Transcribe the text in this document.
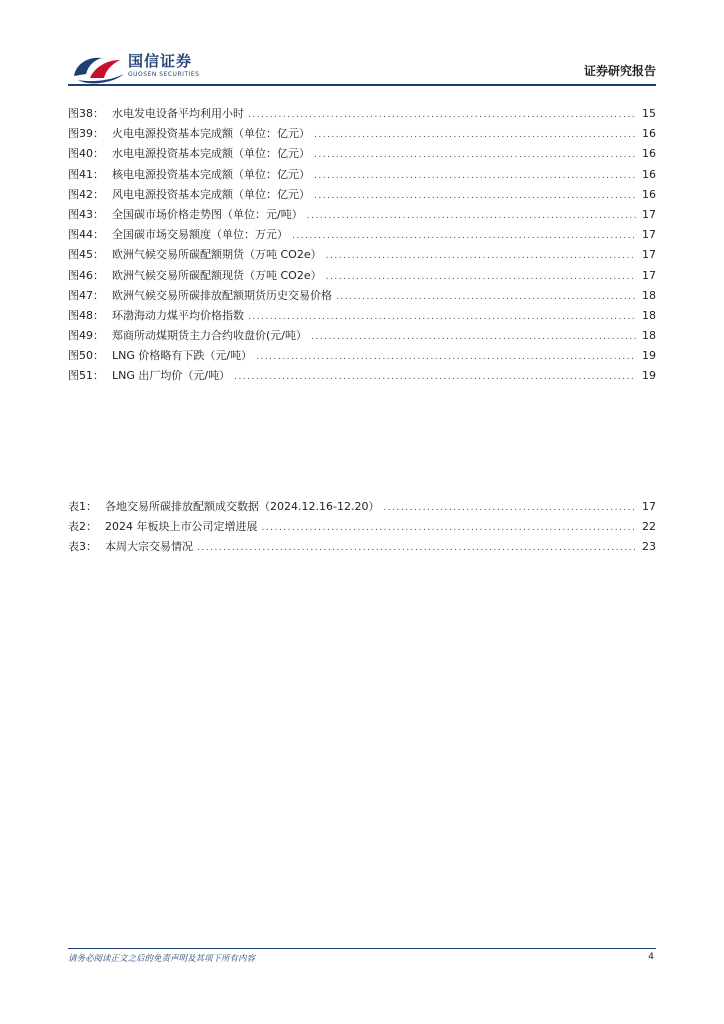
国信证券
GUOSEN SECURITIES	证券研究报告
图38： 水电发电设备平均利用小时 .....	15
图39： 火电电源投资基本完成额（单位：亿元） .....	16
图40： 水电电源投资基本完成额（单位：亿元） .....	16
图41： 核电电源投资基本完成额（单位：亿元） .....	16
图42： 风电电源投资基本完成额（单位：亿元） .....	16
图43： 全国碳市场价格走势图（单位：元/吨） .....	17
图44： 全国碳市场交易额度（单位：万元） .....	17
图45： 欧洲气候交易所碳配额期货（万吨 CO2e） .....	17
图46： 欧洲气候交易所碳配额现货（万吨 CO2e） .....	17
图47： 欧洲气候交易所碳排放配额期货历史交易价格 .....	18
图48： 环渤海动力煤平均价格指数 .....	18
图49： 郑商所动煤期货主力合约收盘价(元/吨） .....	18
图50： LNG 价格略有下跌（元/吨） .....	19
图51： LNG 出厂均价（元/吨） .....	19
表1： 各地交易所碳排放配额成交数据（2024.12.16-12.20） .....	17
表2： 2024 年板块上市公司定增进展 .....	22
表3： 本周大宗交易情况 .....	23
请务必阅读正文之后的免责声明及其项下所有内容	4
